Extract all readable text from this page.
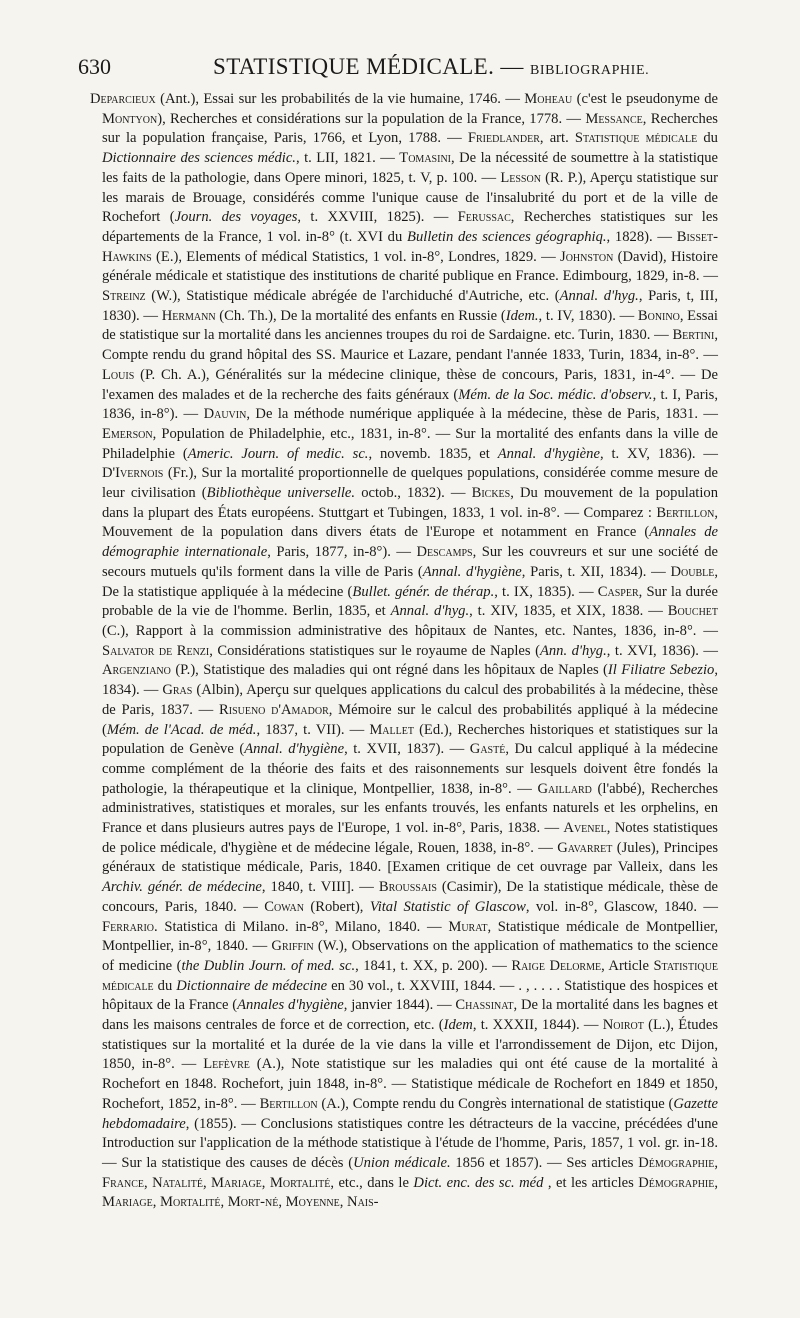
630	STATISTIQUE MÉDICALE. — BIBLIOGRAPHIE.

Deparcieux (Ant.), Essai sur les probabilités de la vie humaine, 1746. — Moheau (c'est le pseudonyme de Montyon), Recherches et considérations sur la population de la France, 1778. — Messance, Recherches sur la population française, Paris, 1766, et Lyon, 1788. — Friedlander, art. Statistique médicale du Dictionnaire des sciences médic., t. LII, 1821. — Tomasini, De la nécessité de soumettre à la statistique les faits de la pathologie, dans Opere minori, 1825, t. V, p. 100. — Lesson (R. P.), Aperçu statistique sur les marais de Brouage, considérés comme l'unique cause de l'insalubrité du port et de la ville de Rochefort (Journ. des voyages, t. XXVIII, 1825). — Ferussac, Recherches statistiques sur les départements de la France, 1 vol. in-8° (t. XVI du Bulletin des sciences géographiq., 1828). — Bisset-Hawkins (E.), Elements of médical Statistics, 1 vol. in-8°, Londres, 1829. — Johnston (David), Histoire générale médicale et statistique des institutions de charité publique en France. Edimbourg, 1829, in-8. — Streinz (W.), Statistique médicale abrégée de l'archiduché d'Autriche, etc. (Annal. d'hyg., Paris, t, III, 1830). — Hermann (Ch. Th.), De la mortalité des enfants en Russie (Idem., t. IV, 1830). — Bonino, Essai de statistique sur la mortalité dans les anciennes troupes du roi de Sardaigne. etc. Turin, 1830. — Bertini, Compte rendu du grand hôpital des SS. Maurice et Lazare, pendant l'année 1833, Turin, 1834, in-8°. — Louis (P. Ch. A.), Généralités sur la médecine clinique, thèse de concours, Paris, 1831, in-4°. — De l'examen des malades et de la recherche des faits généraux (Mém. de la Soc. médic. d'observ., t. I, Paris, 1836, in-8°). — Dauvin, De la méthode numérique appliquée à la médecine, thèse de Paris, 1831. — Emerson, Population de Philadelphie, etc., 1831, in-8°. — Sur la mortalité des enfants dans la ville de Philadelphie (Americ. Journ. of medic. sc., novemb. 1835, et Annal. d'hygiène, t. XV, 1836). — D'Ivernois (Fr.), Sur la mortalité proportionnelle de quelques populations, considérée comme mesure de leur civilisation (Bibliothèque universelle. octob., 1832). — Bickes, Du mouvement de la population dans la plupart des États européens. Stuttgart et Tubingen, 1833, 1 vol. in-8°. — Comparez : Bertillon, Mouvement de la population dans divers états de l'Europe et notamment en France (Annales de démographie internationale, Paris, 1877, in-8°). — Descamps, Sur les couvreurs et sur une société de secours mutuels qu'ils forment dans la ville de Paris (Annal. d'hygiène, Paris, t. XII, 1834). — Double, De la statistique appliquée à la médecine (Bullet. génér. de thérap., t. IX, 1835). — Casper, Sur la durée probable de la vie de l'homme. Berlin, 1835, et Annal. d'hyg., t. XIV, 1835, et XIX, 1838. — Bouchet (C.), Rapport à la commission administrative des hôpitaux de Nantes, etc. Nantes, 1836, in-8°. — Salvator de Renzi, Considérations statistiques sur le royaume de Naples (Ann. d'hyg., t. XVI, 1836). — Argenziano (P.), Statistique des maladies qui ont régné dans les hôpitaux de Naples (Il Filiatre Sebezio, 1834). — Gras (Albin), Aperçu sur quelques applications du calcul des probabilités à la médecine, thèse de Paris, 1837. — Risueno d'Amador, Mémoire sur le calcul des probabilités appliqué à la médecine (Mém. de l'Acad. de méd., 1837, t. VII). — Mallet (Ed.), Recherches historiques et statistiques sur la population de Genève (Annal. d'hygiène, t. XVII, 1837). — Gasté, Du calcul appliqué à la médecine comme complément de la théorie des faits et des raisonnements sur lesquels doivent être fondés la pathologie, la thérapeutique et la clinique, Montpellier, 1838, in-8°. — Gaillard (l'abbé), Recherches administratives, statistiques et morales, sur les enfants trouvés, les enfants naturels et les orphelins, en France et dans plusieurs autres pays de l'Europe, 1 vol. in-8°, Paris, 1838. — Avenel, Notes statistiques de police médicale, d'hygiène et de médecine légale, Rouen, 1838, in-8°. — Gavarret (Jules), Principes généraux de statistique médicale, Paris, 1840. [Examen critique de cet ouvrage par Valleix, dans les Archiv. génér. de médecine, 1840, t. VIII]. — Broussais (Casimir), De la statistique médicale, thèse de concours, Paris, 1840. — Cowan (Robert), Vital Statistic of Glascow, vol. in-8°, Glascow, 1840. — Ferrario. Statistica di Milano. in-8°, Milano, 1840. — Murat, Statistique médicale de Montpellier, Montpellier, in-8°, 1840. — Griffin (W.), Observations on the application of mathematics to the science of medicine (the Dublin Journ. of med. sc., 1841, t. XX, p. 200). — Raige Delorme, Article Statistique médicale du Dictionnaire de médecine en 30 vol., t. XXVIII, 1844. — . , . . . . Statistique des hospices et hôpitaux de la France (Annales d'hygiène, janvier 1844). — Chassinat, De la mortalité dans les bagnes et dans les maisons centrales de force et de correction, etc. (Idem, t. XXXII, 1844). — Noirot (L.), Études statistiques sur la mortalité et la durée de la vie dans la ville et l'arrondissement de Dijon, etc Dijon, 1850, in-8°. — Lefèvre (A.), Note statistique sur les maladies qui ont été cause de la mortalité à Rochefort en 1848. Rochefort, juin 1848, in-8°. — Statistique médicale de Rochefort en 1849 et 1850, Rochefort, 1852, in-8°. — Bertillon (A.), Compte rendu du Congrès international de statistique (Gazette hebdomadaire, (1855). — Conclusions statistiques contre les détracteurs de la vaccine, précédées d'une Introduction sur l'application de la méthode statistique à l'étude de l'homme, Paris, 1857, 1 vol. gr. in-18. — Sur la statistique des causes de décès (Union médicale. 1856 et 1857). — Ses articles Démographie, France, Natalité, Mariage, Mortalité, etc., dans le Dict. enc. des sc. méd , et les articles Démographie, Mariage, Mortalité, Mort-né, Moyenne, Nais-
